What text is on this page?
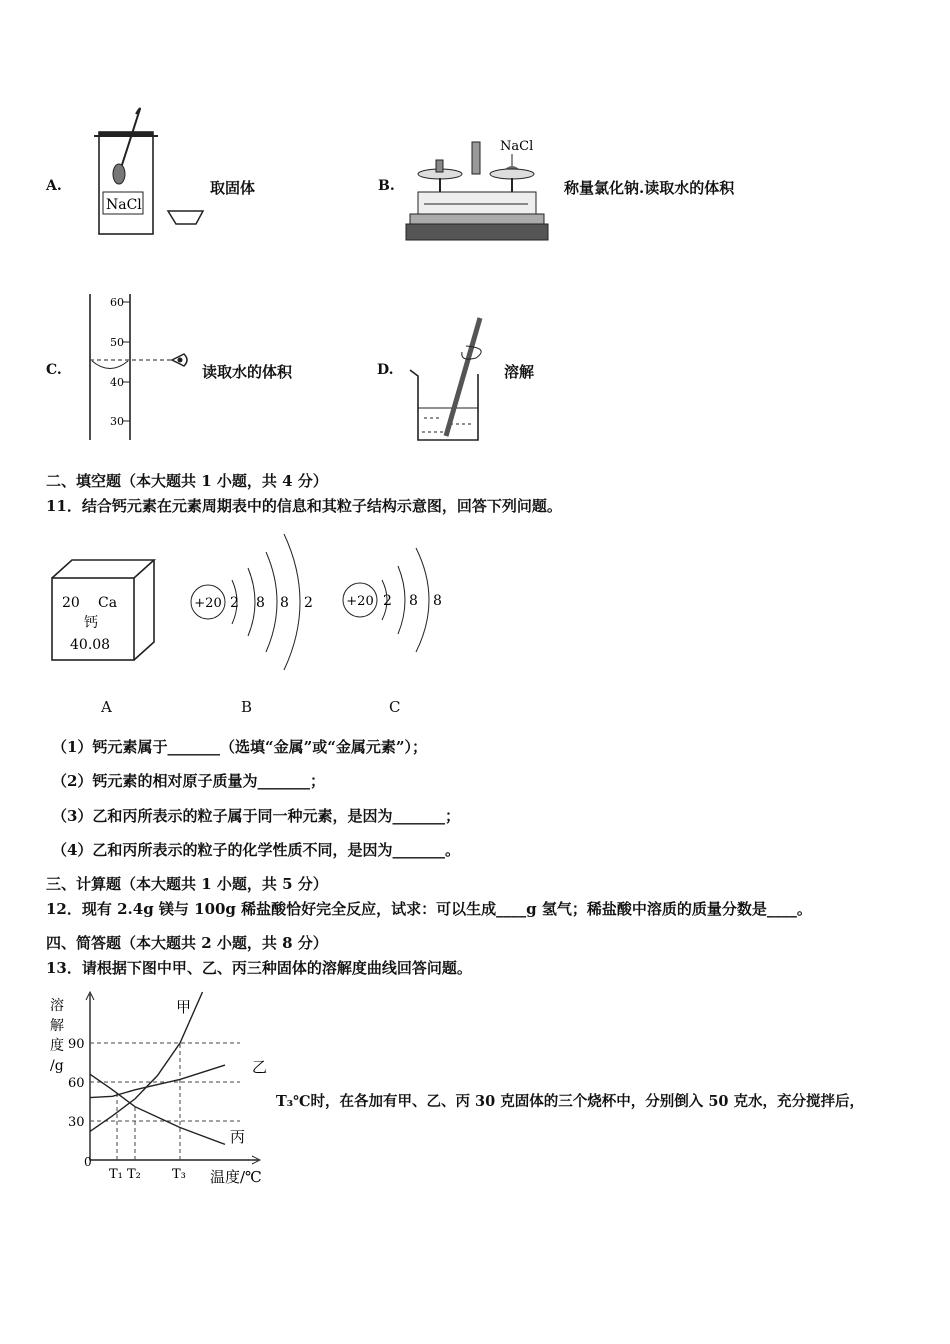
A.
NaCl
取固体	B.
NaCl
称量氯化钠.读取水的体积
C.
60
50
40
30
读取水的体积	D.	溶解
二、填空题（本大题共 1 小题，共 4 分）
11．结合钙元素在元素周期表中的信息和其粒子结构示意图，回答下列问题。
20 Ca
钙
40.08
+20 2 8 8 2	+20 2 8 8
A	B	C
（1）钙元素属于_______（选填“金属”或“金属元素”）；
（2）钙元素的相对原子质量为_______；
（3）乙和丙所表示的粒子属于同一种元素，是因为_______；
（4）乙和丙所表示的粒子的化学性质不同，是因为_______。
三、计算题（本大题共 1 小题，共 5 分）
12．现有 2.4g 镁与 100g 稀盐酸恰好完全反应，试求：可以生成____g 氢气；稀盐酸中溶质的质量分数是____。
四、简答题（本大题共 2 小题，共 8 分）
13．请根据下图中甲、乙、丙三种固体的溶解度曲线回答问题。
溶
解
度
/g
0
90
60
30
T₁ T₂ T₃ 温度/℃
甲
乙
丙
T₃℃时，在各加有甲、乙、丙 30 克固体的三个烧杯中，分别倒入 50 克水，充分搅拌后，
